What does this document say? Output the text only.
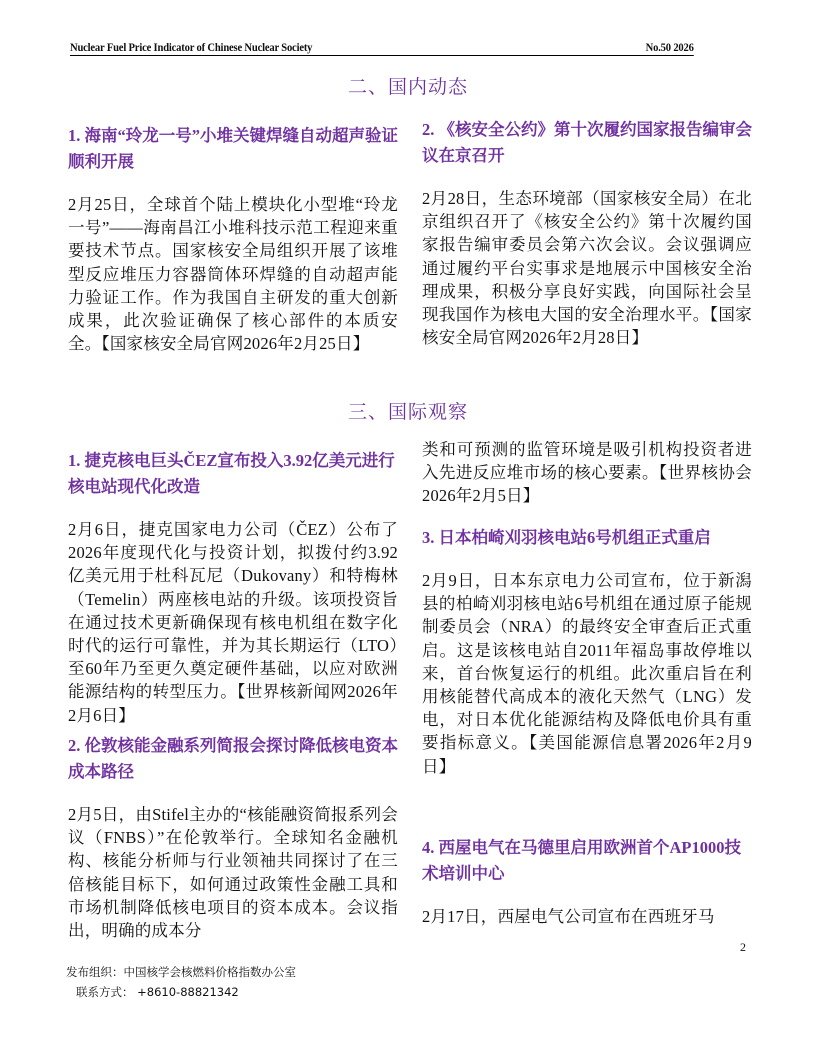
Nuclear Fuel Price Indicator of Chinese Nuclear Society	No.50 2026
二、国内动态

1. 海南“玲龙一号”小堆关键焊缝自动超声验证顺利开展

2月25日，全球首个陆上模块化小型堆“玲龙一号”——海南昌江小堆科技示范工程迎来重要技术节点。国家核安全局组织开展了该堆型反应堆压力容器筒体环焊缝的自动超声能力验证工作。作为我国自主研发的重大创新成果，此次验证确保了核心部件的本质安全。【国家核安全局官网2026年2月25日】

2. 《核安全公约》第十次履约国家报告编审会议在京召开

2月28日，生态环境部（国家核安全局）在北京组织召开了《核安全公约》第十次履约国家报告编审委员会第六次会议。会议强调应通过履约平台实事求是地展示中国核安全治理成果，积极分享良好实践，向国际社会呈现我国作为核电大国的安全治理水平。【国家核安全局官网2026年2月28日】

三、国际观察

1. 捷克核电巨头ČEZ宣布投入3.92亿美元进行核电站现代化改造

2月6日，捷克国家电力公司（ČEZ）公布了2026年度现代化与投资计划，拟拨付约3.92亿美元用于杜科瓦尼（Dukovany）和特梅林（Temelin）两座核电站的升级。该项投资旨在通过技术更新确保现有核电机组在数字化时代的运行可靠性，并为其长期运行（LTO）至60年乃至更久奠定硬件基础，以应对欧洲能源结构的转型压力。【世界核新闻网2026年2月6日】

2. 伦敦核能金融系列简报会探讨降低核电资本成本路径

2月5日，由Stifel主办的“核能融资简报系列会议（FNBS）”在伦敦举行。全球知名金融机构、核能分析师与行业领袖共同探讨了在三倍核能目标下，如何通过政策性金融工具和市场机制降低核电项目的资本成本。会议指出，明确的成本分

类和可预测的监管环境是吸引机构投资者进入先进反应堆市场的核心要素。【世界核协会2026年2月5日】

3. 日本柏崎刈羽核电站6号机组正式重启

2月9日，日本东京电力公司宣布，位于新潟县的柏崎刈羽核电站6号机组在通过原子能规制委员会（NRA）的最终安全审查后正式重启。这是该核电站自2011年福岛事故停堆以来，首台恢复运行的机组。此次重启旨在利用核能替代高成本的液化天然气（LNG）发电，对日本优化能源结构及降低电价具有重要指标意义。【美国能源信息署2026年2月9日】

4. 西屋电气在马德里启用欧洲首个AP1000技术培训中心

2月17日，西屋电气公司宣布在西班牙马

2
发布组织：中国核学会核燃料价格指数办公室
联系方式： +8610-88821342
